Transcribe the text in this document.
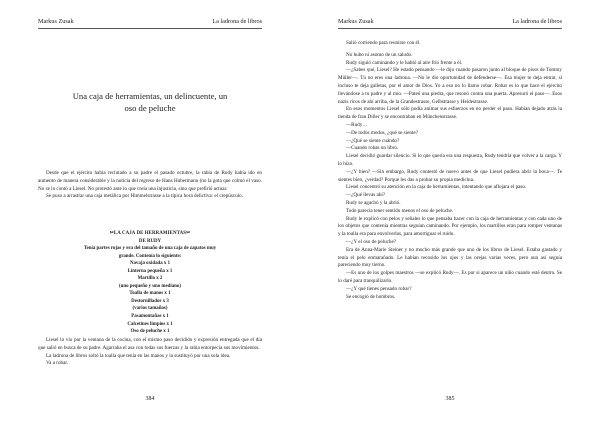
Markus Zusak	La ladrona de libros
Una caja de herramientas, un delincuente, un oso de peluche

Desde que el ejército había reclutado a su padre el pasado octubre, la rabia de Rudy había ido en aumento de manera considerable y la noticia del regreso de Hans Hubermann (no la gota que colmó el vaso. No se lo contó a Liesel. No protestó ante lo que creía una injusticia, sino que prefirió actuar.

Se puso a arrastrar una caja metálica por Himmelstrasse a la típica hora delictiva: el crepúsculo.

✂LA CAJA DE HERRAMIENTAS✂
DE RUDY
Tenía partes rojas y era del tamaño de una caja de zapatos muy
grande. Contenía lo siguiente:
Navaja oxidada x 1
Linterna pequeña x 1
Martillo x 2
(uno pequeño y uno mediano)
Toalla de manos x 1
Destornillador x 3
(varios tamaños)
Pasamontañas x 1
Calcetines limpios x 1
Oso de peluche x 1

Liesel lo vio por la ventana de la cocina, con el mismo paso decidido y expresión entregada que el día que salió en busca de su padre. Agarraba el asa con todas sus fuerzas y la rabia entorpecía sus movimientos.

La ladrona de libros soltó la toalla que tenía en las manos y la sustituyó por una sola idea.

Va a robar.

384
Markus Zusak	La ladrona de libros

Salió corriendo para reunirse con él.

No hubo ni asomo de un saludo.

Rudy siguió caminando y le habló al aire frío frente a él.

—¿Sabes qué, Liesel? He estado pensando —le dijo cuando pasaron junto al bloque de pisos de Tommy Müller—. Tú no eres una ladrona. —No le dio oportunidad de defenderse—. Esa mujer te deja entrar, si incluso te deja galletas, por el amor de Dios. Yo a eso no lo llamo robar. Robar es lo que hace el ejército llevándose a tu padre y al mío. —Pateó una piedra, que resonó contra una puerta. Apresuró el paso—. Esos nazis ricos de ahí arriba, de la Grandestrasse, Gelbstrasse y Heidestrasse.

En esos momentos Liesel sólo podía animar sus esfuerzos en no perder el paso. Habían dejado atrás la tienda de frau Diller y se encontraban en Münchenstrasse.

—Rudy…

—De todos modos, ¿qué se siente?

—¿Qué se siente cuándo?

—Cuando robas un libro.

Liesel decidió guardar silencio. Si lo que quería era una respuesta, Rudy tendría que volver a la carga. Y lo hizo.

—¿Y bien? —Sin embargo, Rudy contestó de nuevo antes de que Liesel pudiera abrir la boca—. Te sientes bien, ¿verdad? Porque les das a probar su propia medicina.

Liesel concentró su atención en la caja de herramientas, intentando que aflojara el paso.

—¿Qué llevas ahí?

Rudy se agachó y la abrió.

Todo parecía tener sentido menos el oso de peluche.

Rudy le explicó con pelos y señales lo que pensaba hacer con la caja de herramientas y con cada uno de los objetos que contenía mientras seguían caminando. Por ejemplo, los martillos eran para romper ventanas y la toalla era para envolverlas, para amortiguar el ruido.

—¿Y el oso de peluche?

Era de Anna-Marie Steiner y no mucho más grande que uno de los libros de Liesel. Estaba gastado y tenía el pelo enmarañado. Le habían recosido los ojos y las orejas varias veces, pero aun así seguía pareciendo muy tierno.

—Es uno de los golpes maestros —se explicó Rudy—. Es por si aparece un niño cuando esté dentro. Se lo daré para tranquilizarlo.

—¿Y qué tienes pensado robar?

Se encogió de hombros.

385
